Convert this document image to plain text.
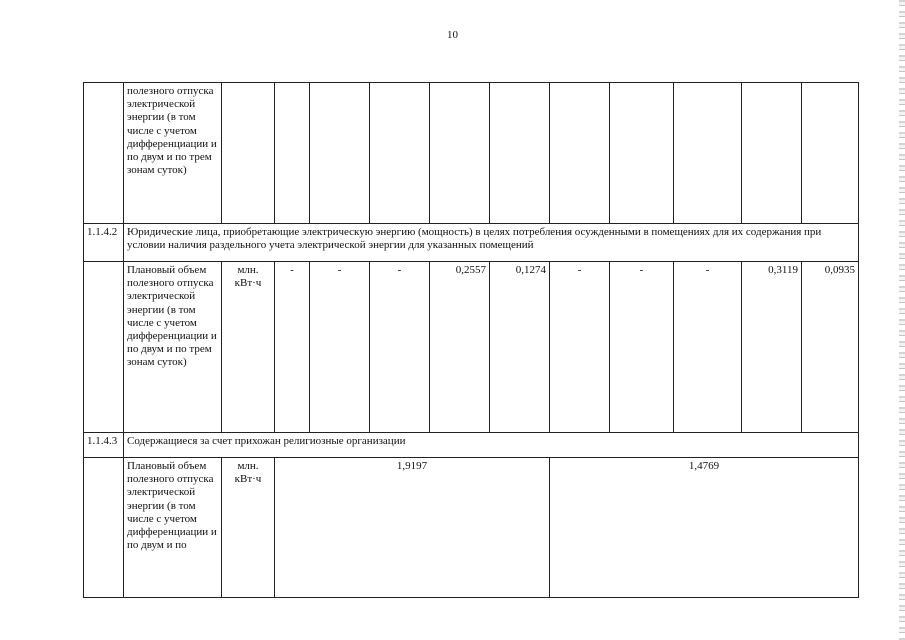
10
	полезного отпуска электрической энергии (в том числе с учетом дифференциации и по двум и по трем зонам суток)											
1.1.4.2	Юридические лица, приобретающие электрическую энергию (мощность) в целях потребления осужденными в помещениях для их содержания при условии наличия раздельного учета электрической энергии для указанных помещений											
	Плановый объем полезного отпуска электрической энергии (в том числе с учетом дифференциации и по двум и по трем зонам суток)	млн. кВт·ч	-	-	-	0,2557	0,1274	-	-	-	0,3119	0,0935
1.1.4.3	Содержащиеся за счет прихожан религиозные организации											
	Плановый объем полезного отпуска электрической энергии (в том числе с учетом дифференциации и по двум и по	млн. кВт·ч	1,9197					1,4769				
